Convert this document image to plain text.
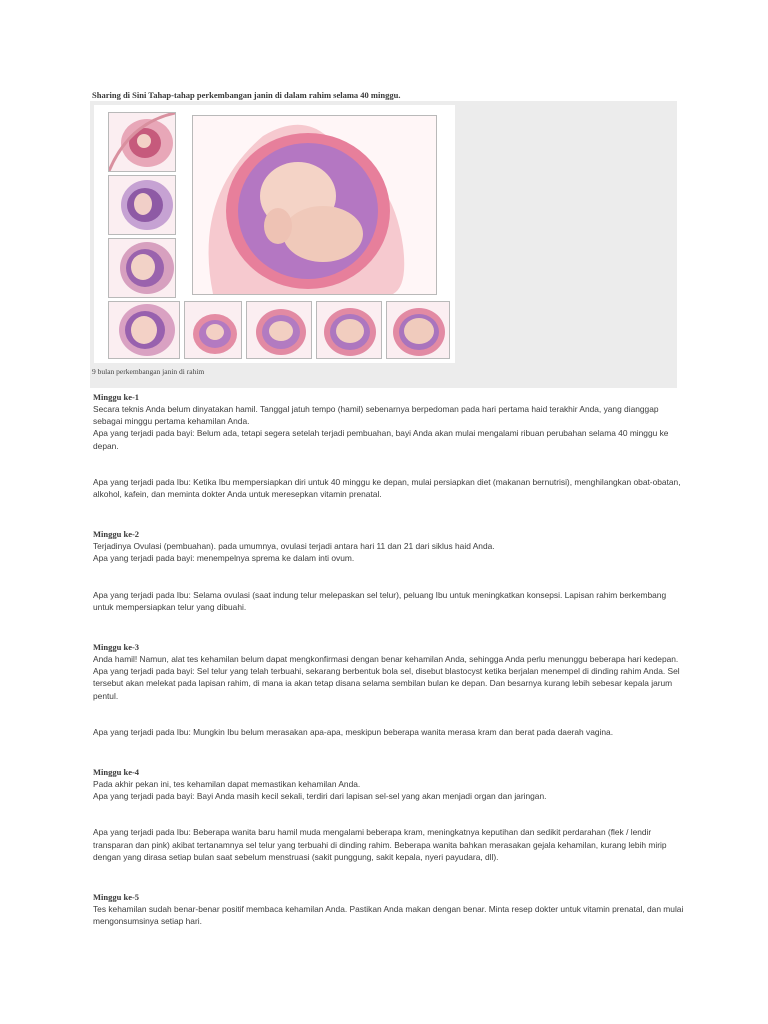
Sharing di Sini Tahap-tahap perkembangan janin di dalam rahim selama 40 minggu.
9 bulan perkembangan janin di rahim

Minggu ke-1

Secara teknis Anda belum dinyatakan hamil. Tanggal jatuh tempo (hamil) sebenarnya berpedoman pada hari pertama haid terakhir Anda, yang dianggap sebagai minggu pertama kehamilan Anda.

Apa yang terjadi pada bayi: Belum ada, tetapi segera setelah terjadi pembuahan, bayi Anda akan mulai mengalami ribuan perubahan selama 40 minggu ke depan.

Apa yang terjadi pada Ibu: Ketika Ibu mempersiapkan diri untuk 40 minggu ke depan, mulai persiapkan diet (makanan bernutrisi), menghilangkan obat-obatan, alkohol, kafein, dan meminta dokter Anda untuk meresepkan vitamin prenatal.

Minggu ke-2

Terjadinya Ovulasi (pembuahan). pada umumnya, ovulasi terjadi antara hari 11 dan 21 dari siklus haid Anda.

Apa yang terjadi pada bayi: menempelnya sprema ke dalam inti ovum.

Apa yang terjadi pada Ibu: Selama ovulasi (saat indung telur melepaskan sel telur), peluang Ibu untuk meningkatkan konsepsi. Lapisan rahim berkembang untuk mempersiapkan telur yang dibuahi.

Minggu ke-3

Anda hamil! Namun, alat tes kehamilan belum dapat mengkonfirmasi dengan benar kehamilan Anda, sehingga Anda perlu menunggu beberapa hari kedepan.

Apa yang terjadi pada bayi: Sel telur yang telah terbuahi, sekarang berbentuk bola sel, disebut blastocyst ketika berjalan menempel di dinding rahim Anda. Sel tersebut akan melekat pada lapisan rahim, di mana ia akan tetap disana selama sembilan bulan ke depan. Dan besarnya kurang lebih sebesar kepala jarum pentul.

Apa yang terjadi pada Ibu: Mungkin Ibu belum merasakan apa-apa, meskipun beberapa wanita merasa kram dan berat pada daerah vagina.

Minggu ke-4

Pada akhir pekan ini, tes kehamilan dapat memastikan kehamilan Anda.

Apa yang terjadi pada bayi: Bayi Anda masih kecil sekali, terdiri dari lapisan sel-sel yang akan menjadi organ dan jaringan.

Apa yang terjadi pada Ibu: Beberapa wanita baru hamil muda mengalami beberapa kram, meningkatnya keputihan dan sedikit perdarahan (flek / lendir transparan dan pink) akibat tertanamnya sel telur yang terbuahi di dinding rahim. Beberapa wanita bahkan merasakan gejala kehamilan, kurang lebih mirip dengan yang dirasa setiap bulan saat sebelum menstruasi (sakit punggung, sakit kepala, nyeri payudara, dll).

Minggu ke-5

Tes kehamilan sudah benar-benar positif membaca kehamilan Anda. Pastikan Anda makan dengan benar. Minta resep dokter untuk vitamin prenatal, dan mulai mengonsumsinya setiap hari.
